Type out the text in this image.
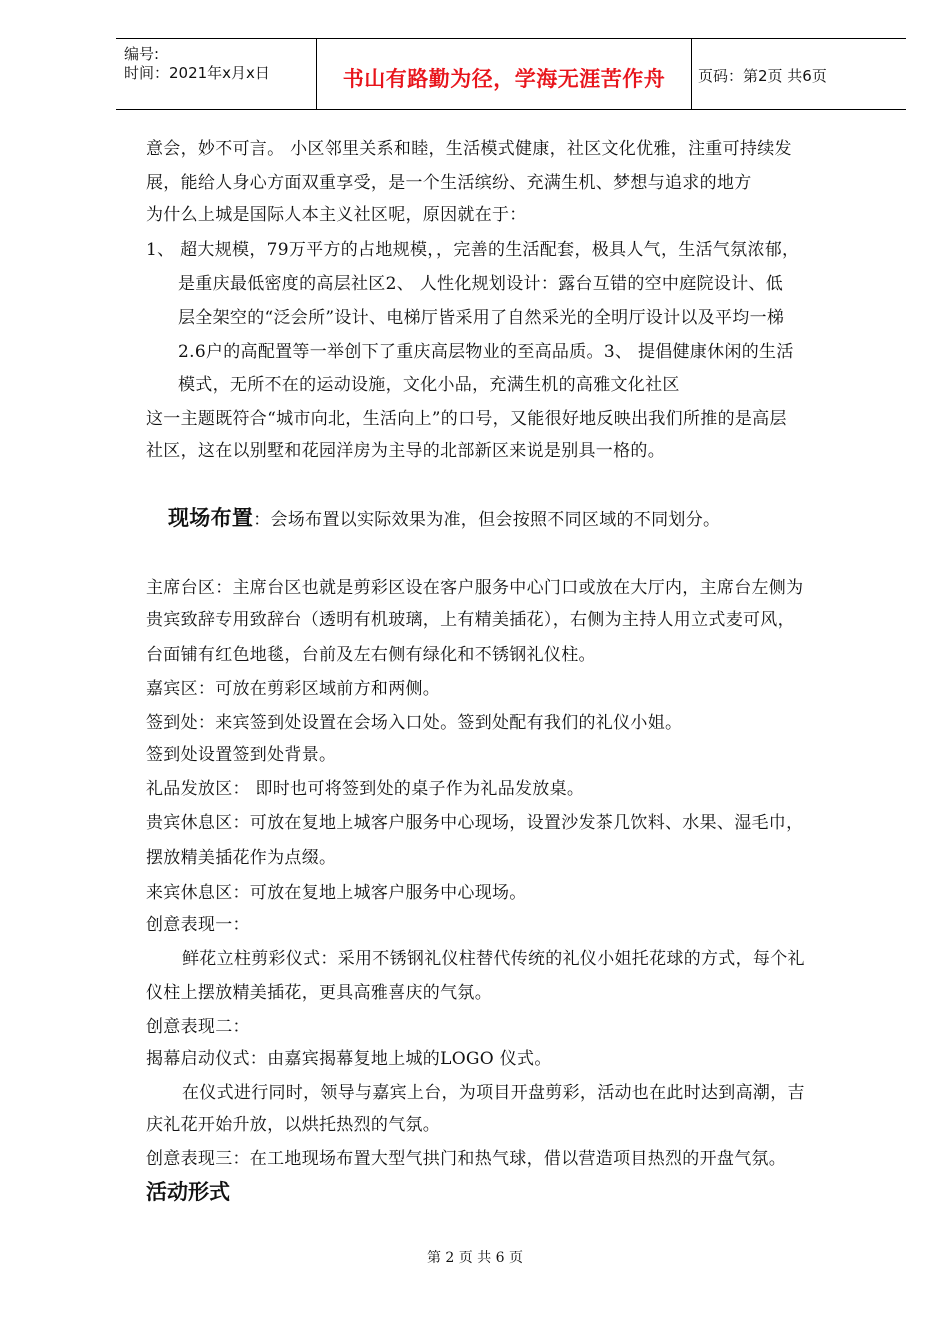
编号:
时间：2021年x月x日	书山有路勤为径，学海无涯苦作舟	页码：第2页 共6页
意会，妙不可言。 小区邻里关系和睦，生活模式健康，社区文化优雅，注重可持续发
展，能给人身心方面双重享受，是一个生活缤纷、充满生机、梦想与追求的地方
为什么上城是国际人本主义社区呢，原因就在于：
1、 超大规模，79万平方的占地规模，，完善的生活配套，极具人气，生活气氛浓郁，
是重庆最低密度的高层社区2、 人性化规划设计：露台互错的空中庭院设计、低
层全架空的“泛会所”设计、电梯厅皆采用了自然采光的全明厅设计以及平均一梯
2.6户的高配置等一举创下了重庆高层物业的至高品质。3、 提倡健康休闲的生活
模式，无所不在的运动设施，文化小品，充满生机的高雅文化社区
这一主题既符合“城市向北，生活向上”的口号，又能很好地反映出我们所推的是高层
社区，这在以别墅和花园洋房为主导的北部新区来说是别具一格的。
现场布置：会场布置以实际效果为准，但会按照不同区域的不同划分。
主席台区：主席台区也就是剪彩区设在客户服务中心门口或放在大厅内，主席台左侧为
贵宾致辞专用致辞台（透明有机玻璃，上有精美插花），右侧为主持人用立式麦可风，
台面铺有红色地毯，台前及左右侧有绿化和不锈钢礼仪柱。
嘉宾区：可放在剪彩区域前方和两侧。
签到处：来宾签到处设置在会场入口处。签到处配有我们的礼仪小姐。
签到处设置签到处背景。
礼品发放区： 即时也可将签到处的桌子作为礼品发放桌。
贵宾休息区：可放在复地上城客户服务中心现场，设置沙发茶几饮料、水果、湿毛巾，
摆放精美插花作为点缀。
来宾休息区：可放在复地上城客户服务中心现场。
创意表现一：
鲜花立柱剪彩仪式：采用不锈钢礼仪柱替代传统的礼仪小姐托花球的方式，每个礼
仪柱上摆放精美插花，更具高雅喜庆的气氛。
创意表现二：
揭幕启动仪式：由嘉宾揭幕复地上城的LOGO 仪式。
在仪式进行同时，领导与嘉宾上台，为项目开盘剪彩，活动也在此时达到高潮，吉
庆礼花开始升放，以烘托热烈的气氛。
创意表现三：在工地现场布置大型气拱门和热气球，借以营造项目热烈的开盘气氛。
活动形式
第 2 页 共 6 页
